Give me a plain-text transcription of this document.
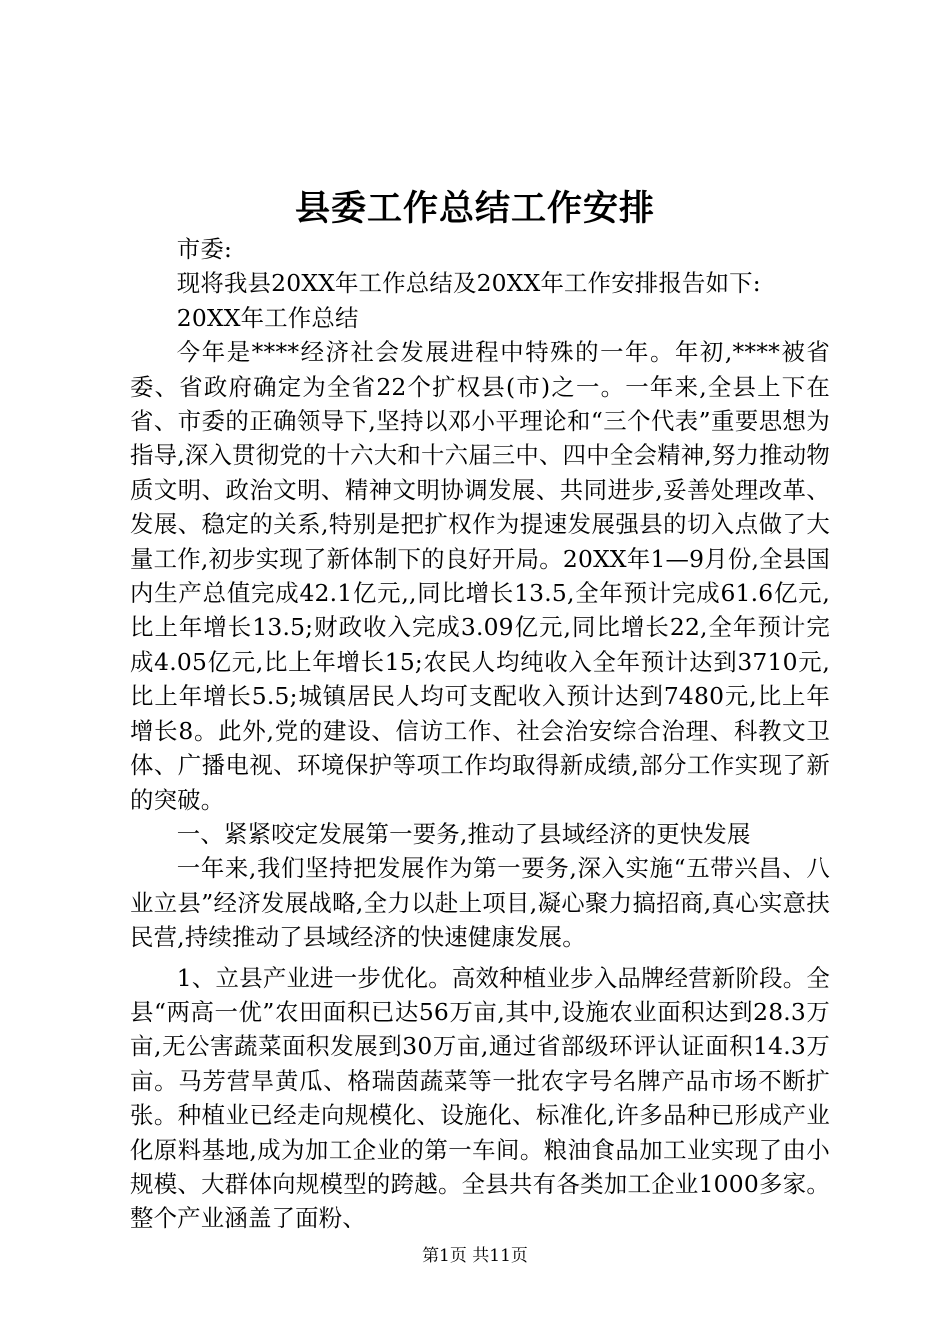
县委工作总结工作安排

市委:

现将我县20XX年工作总结及20XX年工作安排报告如下:

20XX年工作总结

今年是****经济社会发展进程中特殊的一年。年初,****被省委、省政府确定为全省22个扩权县(市)之一。一年来,全县上下在省、市委的正确领导下,坚持以邓小平理论和“三个代表”重要思想为指导,深入贯彻党的十六大和十六届三中、四中全会精神,努力推动物质文明、政治文明、精神文明协调发展、共同进步,妥善处理改革、发展、稳定的关系,特别是把扩权作为提速发展强县的切入点做了大量工作,初步实现了新体制下的良好开局。20XX年1—9月份,全县国内生产总值完成42.1亿元,,同比增长13.5,全年预计完成61.6亿元,比上年增长13.5;财政收入完成3.09亿元,同比增长22,全年预计完成4.05亿元,比上年增长15;农民人均纯收入全年预计达到3710元,比上年增长5.5;城镇居民人均可支配收入预计达到7480元,比上年增长8。此外,党的建设、信访工作、社会治安综合治理、科教文卫体、广播电视、环境保护等项工作均取得新成绩,部分工作实现了新的突破。

一、紧紧咬定发展第一要务,推动了县域经济的更快发展

一年来,我们坚持把发展作为第一要务,深入实施“五带兴昌、八业立县”经济发展战略,全力以赴上项目,凝心聚力搞招商,真心实意扶民营,持续推动了县域经济的快速健康发展。

1、立县产业进一步优化。高效种植业步入品牌经营新阶段。全县“两高一优”农田面积已达56万亩,其中,设施农业面积达到28.3万亩,无公害蔬菜面积发展到30万亩,通过省部级环评认证面积14.3万亩。马芳营旱黄瓜、格瑞茵蔬菜等一批农字号名牌产品市场不断扩张。种植业已经走向规模化、设施化、标准化,许多品种已形成产业化原料基地,成为加工企业的第一车间。粮油食品加工业实现了由小规模、大群体向规模型的跨越。全县共有各类加工企业1000多家。整个产业涵盖了面粉、

第1页 共11页
